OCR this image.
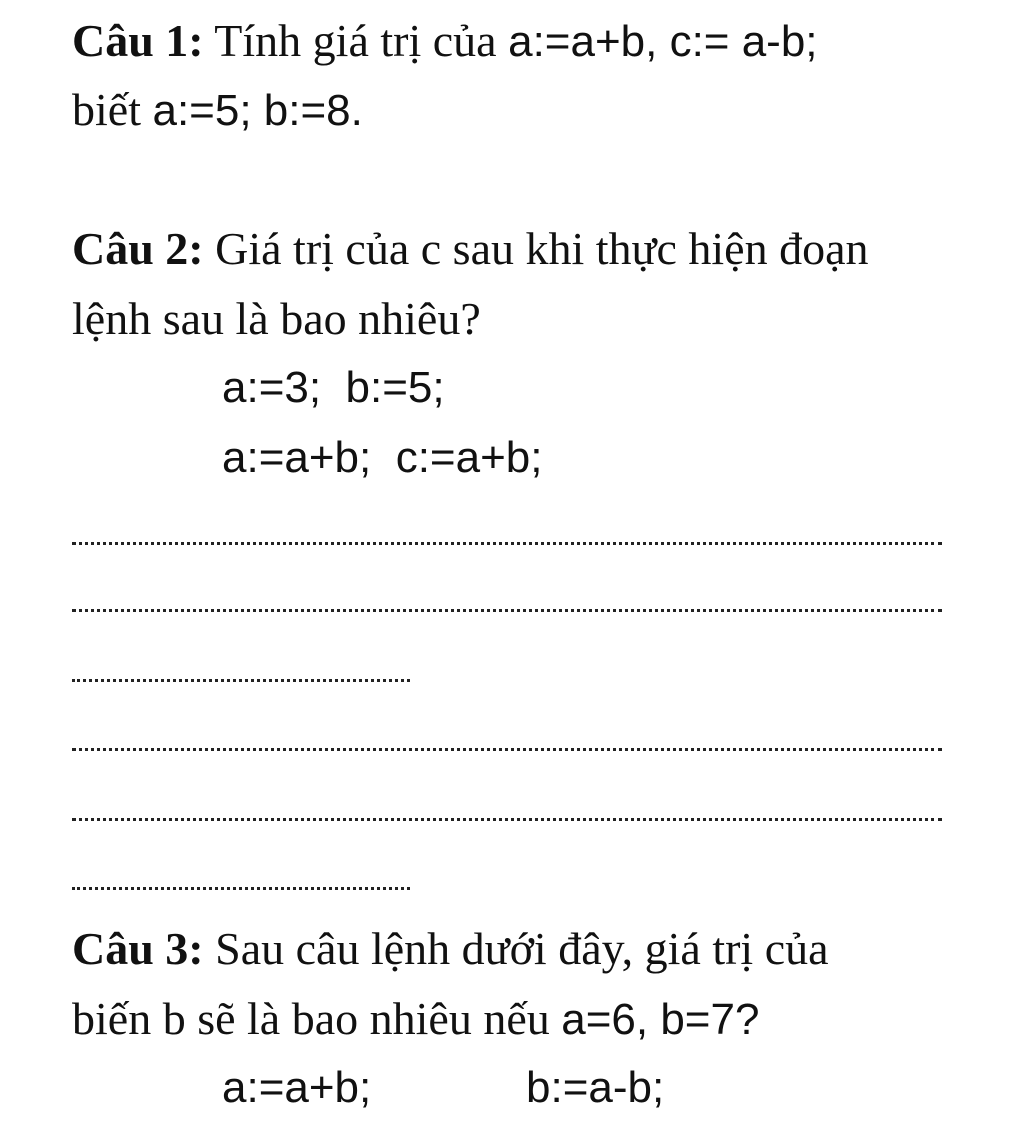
Câu 1: Tính giá trị của a:=a+b, c:= a-b;
biết a:=5; b:=8.
Câu 2: Giá trị của c sau khi thực hiện đoạn
lệnh sau là bao nhiêu?
a:=3;  b:=5;
a:=a+b;  c:=a+b;
Câu 3: Sau câu lệnh dưới đây, giá trị của
biến b sẽ là bao nhiêu nếu a=6, b=7?
a:=a+b;	b:=a-b;
